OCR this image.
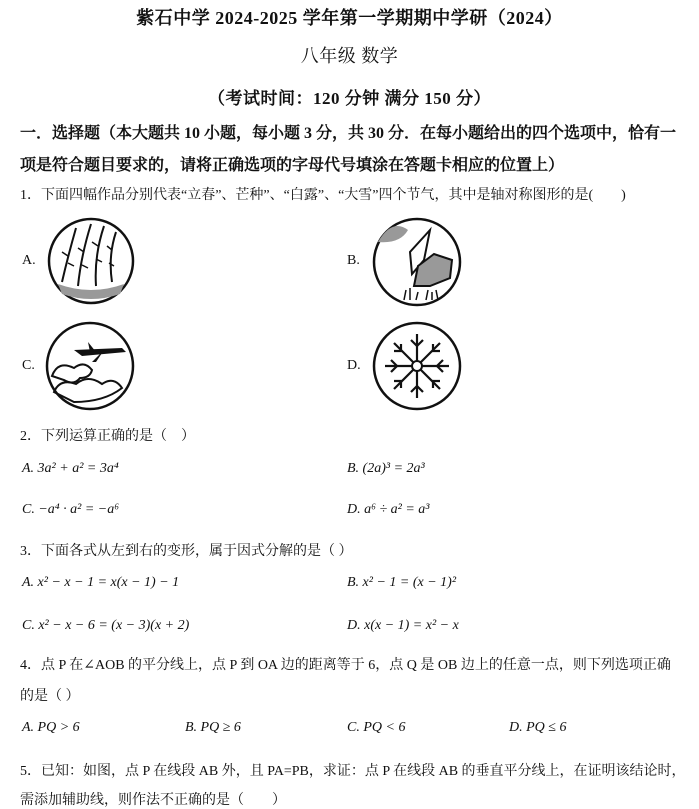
紫石中学 2024-2025 学年第一学期期中学研（2024）
八年级 数学
（考试时间：120 分钟 满分 150 分）
一．选择题（本大题共 10 小题，每小题 3 分，共 30 分．在每小题给出的四个选项中，恰有一
项是符合题目要求的，请将正确选项的字母代号填涂在答题卡相应的位置上）
1．下面四幅作品分别代表“立春”、芒种”、“白露”、“大雪”四个节气，其中是轴对称图形的是(　　)
A.	B.
C.	D.
2．下列运算正确的是（　）
A. 3a² + a² = 3a⁴	B. (2a)³ = 2a³
C. −a⁴ · a² = −a⁶	D. a⁶ ÷ a² = a³
3．下面各式从左到右的变形，属于因式分解的是（ ）
A. x² − x − 1 = x(x − 1) − 1	B. x² − 1 = (x − 1)²
C. x² − x − 6 = (x − 3)(x + 2)	D. x(x − 1) = x² − x
4．点 P 在∠AOB 的平分线上，点 P 到 OA 边的距离等于 6，点 Q 是 OB 边上的任意一点，则下列选项正确
的是（ ）
A. PQ > 6	B. PQ ≥ 6	C. PQ < 6	D. PQ ≤ 6
5．已知：如图，点 P 在线段 AB 外，且 PA=PB，求证：点 P 在线段 AB 的垂直平分线上，在证明该结论时，
需添加辅助线，则作法不正确的是（　　）
